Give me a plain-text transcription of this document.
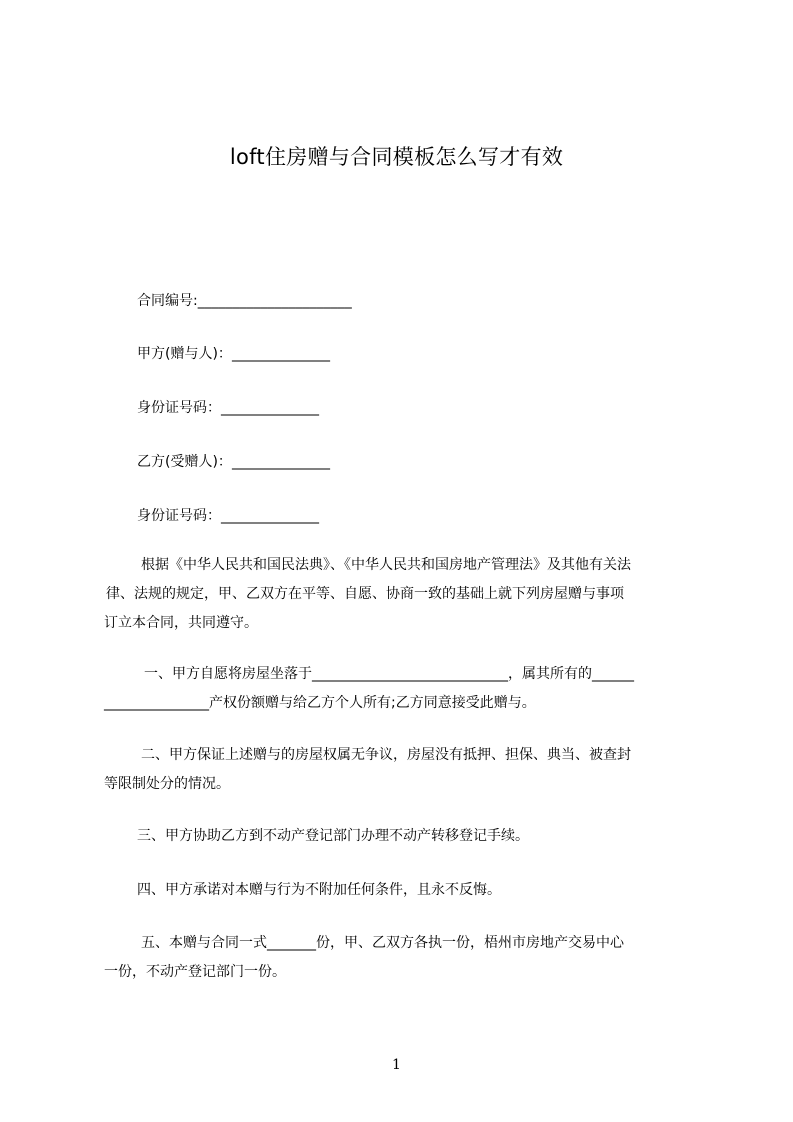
loft住房赠与合同模板怎么写才有效
合同编号:______________________
甲方(赠与人)：______________
身份证号码：______________
乙方(受赠人)：______________
身份证号码：______________
根据《中华人民共和国民法典》、《中华人民共和国房地产管理法》及其他有关法
律、法规的规定，甲、乙双方在平等、自愿、协商一致的基础上就下列房屋赠与事项
订立本合同，共同遵守。
一、甲方自愿将房屋坐落于____________________________，属其所有的______
_______________产权份额赠与给乙方个人所有;乙方同意接受此赠与。
二、甲方保证上述赠与的房屋权属无争议，房屋没有抵押、担保、典当、被查封
等限制处分的情况。
三、甲方协助乙方到不动产登记部门办理不动产转移登记手续。
四、甲方承诺对本赠与行为不附加任何条件，且永不反悔。
五、本赠与合同一式_______份，甲、乙双方各执一份，梧州市房地产交易中心
一份，不动产登记部门一份。
1
